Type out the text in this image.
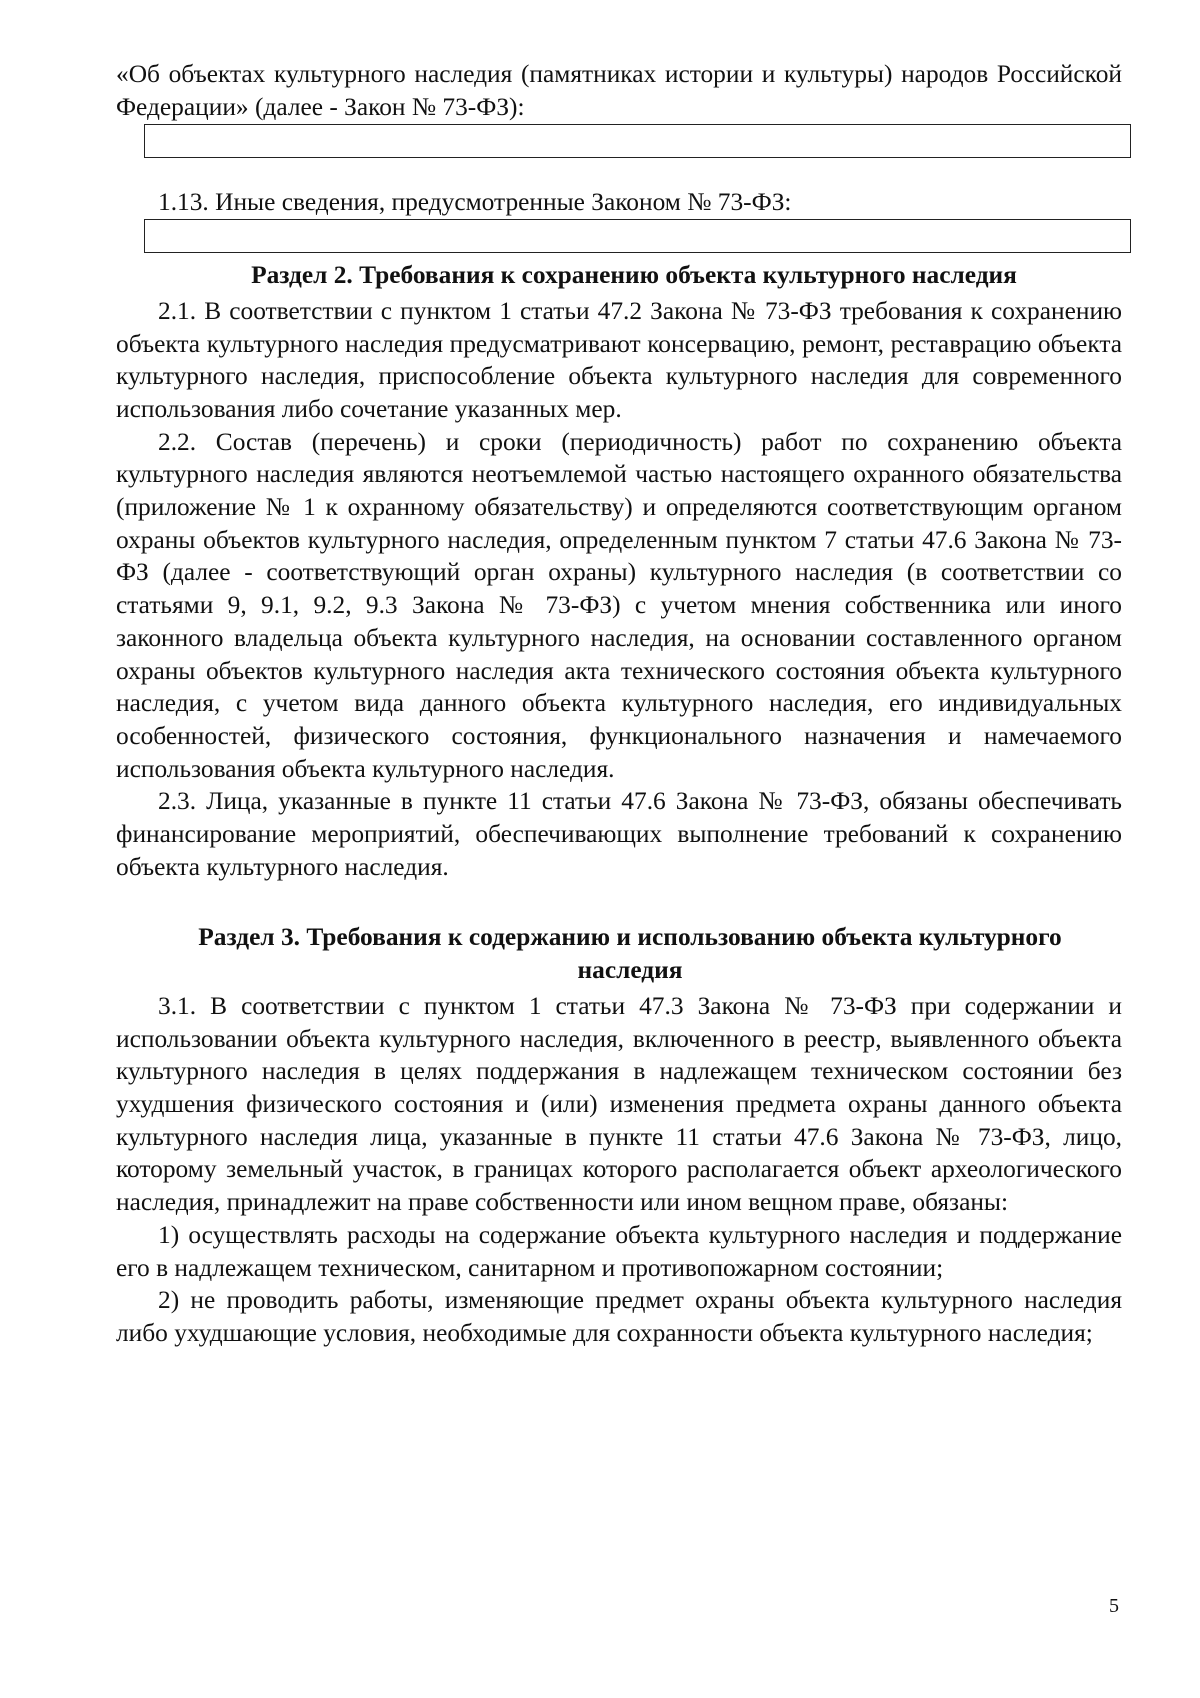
«Об объектах культурного наследия (памятниках истории и культуры) народов Российской Федерации» (далее - Закон № 73-ФЗ):

1.13. Иные сведения, предусмотренные Законом № 73-ФЗ:

Раздел 2. Требования к сохранению объекта культурного наследия

2.1. В соответствии с пунктом 1 статьи 47.2 Закона № 73-ФЗ требования к сохранению объекта культурного наследия предусматривают консервацию, ремонт, реставрацию объекта культурного наследия, приспособление объекта культурного наследия для современного использования либо сочетание указанных мер.

2.2. Состав (перечень) и сроки (периодичность) работ по сохранению объекта культурного наследия являются неотъемлемой частью настоящего охранного обязательства (приложение № 1 к охранному обязательству) и определяются соответствующим органом охраны объектов культурного наследия, определенным пунктом 7 статьи 47.6 Закона № 73-ФЗ (далее - соответствующий орган охраны) культурного наследия (в соответствии со статьями 9, 9.1, 9.2, 9.3 Закона № 73-ФЗ) с учетом мнения собственника или иного законного владельца объекта культурного наследия, на основании составленного органом охраны объектов культурного наследия акта технического состояния объекта культурного наследия, с учетом вида данного объекта культурного наследия, его индивидуальных особенностей, физического состояния, функционального назначения и намечаемого использования объекта культурного наследия.

2.3. Лица, указанные в пункте 11 статьи 47.6 Закона № 73-ФЗ, обязаны обеспечивать финансирование мероприятий, обеспечивающих выполнение требований к сохранению объекта культурного наследия.

Раздел 3. Требования к содержанию и использованию объекта культурного
наследия

3.1. В соответствии с пунктом 1 статьи 47.3 Закона № 73-ФЗ при содержании и использовании объекта культурного наследия, включенного в реестр, выявленного объекта культурного наследия в целях поддержания в надлежащем техническом состоянии без ухудшения физического состояния и (или) изменения предмета охраны данного объекта культурного наследия лица, указанные в пункте 11 статьи 47.6 Закона № 73-ФЗ, лицо, которому земельный участок, в границах которого располагается объект археологического наследия, принадлежит на праве собственности или ином вещном праве, обязаны:

1) осуществлять расходы на содержание объекта культурного наследия и поддержание его в надлежащем техническом, санитарном и противопожарном состоянии;

2) не проводить работы, изменяющие предмет охраны объекта культурного наследия либо ухудшающие условия, необходимые для сохранности объекта культурного наследия;

5
